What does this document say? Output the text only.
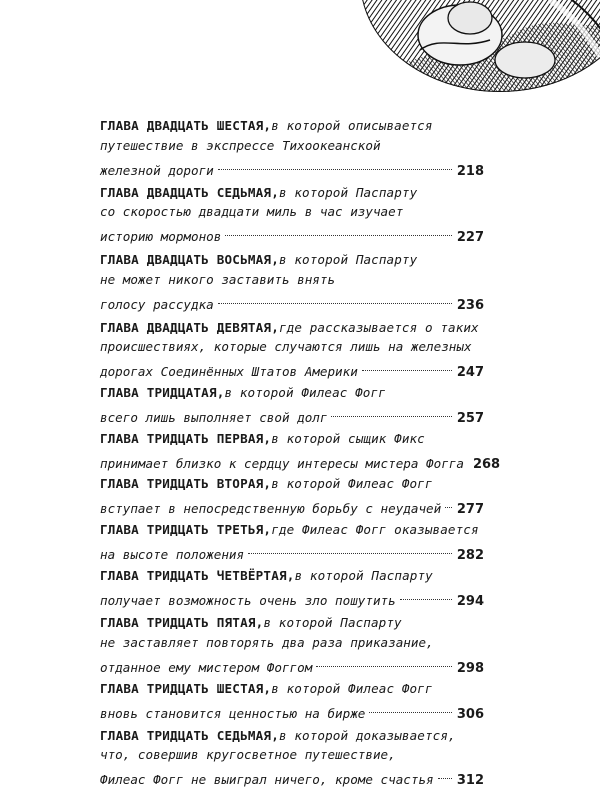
ГЛАВА ДВАДЦАТЬ ШЕСТАЯ, в которой описывается
путешествие в экспрессе Тихоокеанской
железной дороги	218
ГЛАВА ДВАДЦАТЬ СЕДЬМАЯ, в которой Паспарту
со скоростью двадцати миль в час изучает
историю мормонов	227
ГЛАВА ДВАДЦАТЬ ВОСЬМАЯ, в которой Паспарту
не может никого заставить внять
голосу рассудка	236
ГЛАВА ДВАДЦАТЬ ДЕВЯТАЯ, где рассказывается о таких
происшествиях, которые случаются лишь на железных
дорогах Соединённых Штатов Америки	247
ГЛАВА ТРИДЦАТАЯ, в которой Филеас Фогг
всего лишь выполняет свой долг	257
ГЛАВА ТРИДЦАТЬ ПЕРВАЯ, в которой сыщик Фикс
принимает близко к сердцу интересы мистера Фогга 268
ГЛАВА ТРИДЦАТЬ ВТОРАЯ, в которой Филеас Фогг
вступает в непосредственную борьбу с неудачей 277
ГЛАВА ТРИДЦАТЬ ТРЕТЬЯ, где Филеас Фогг оказывается
на высоте положения	282
ГЛАВА ТРИДЦАТЬ ЧЕТВЁРТАЯ, в которой Паспарту
получает возможность очень зло пошутить	294
ГЛАВА ТРИДЦАТЬ ПЯТАЯ, в которой Паспарту
не заставляет повторять два раза приказание,
отданное ему мистером Фоггом	298
ГЛАВА ТРИДЦАТЬ ШЕСТАЯ, в которой Филеас Фогг
вновь становится ценностью на бирже	306
ГЛАВА ТРИДЦАТЬ СЕДЬМАЯ, в которой доказывается,
что, совершив кругосветное путешествие,
Филеас Фогг не выиграл ничего, кроме счастья 312
